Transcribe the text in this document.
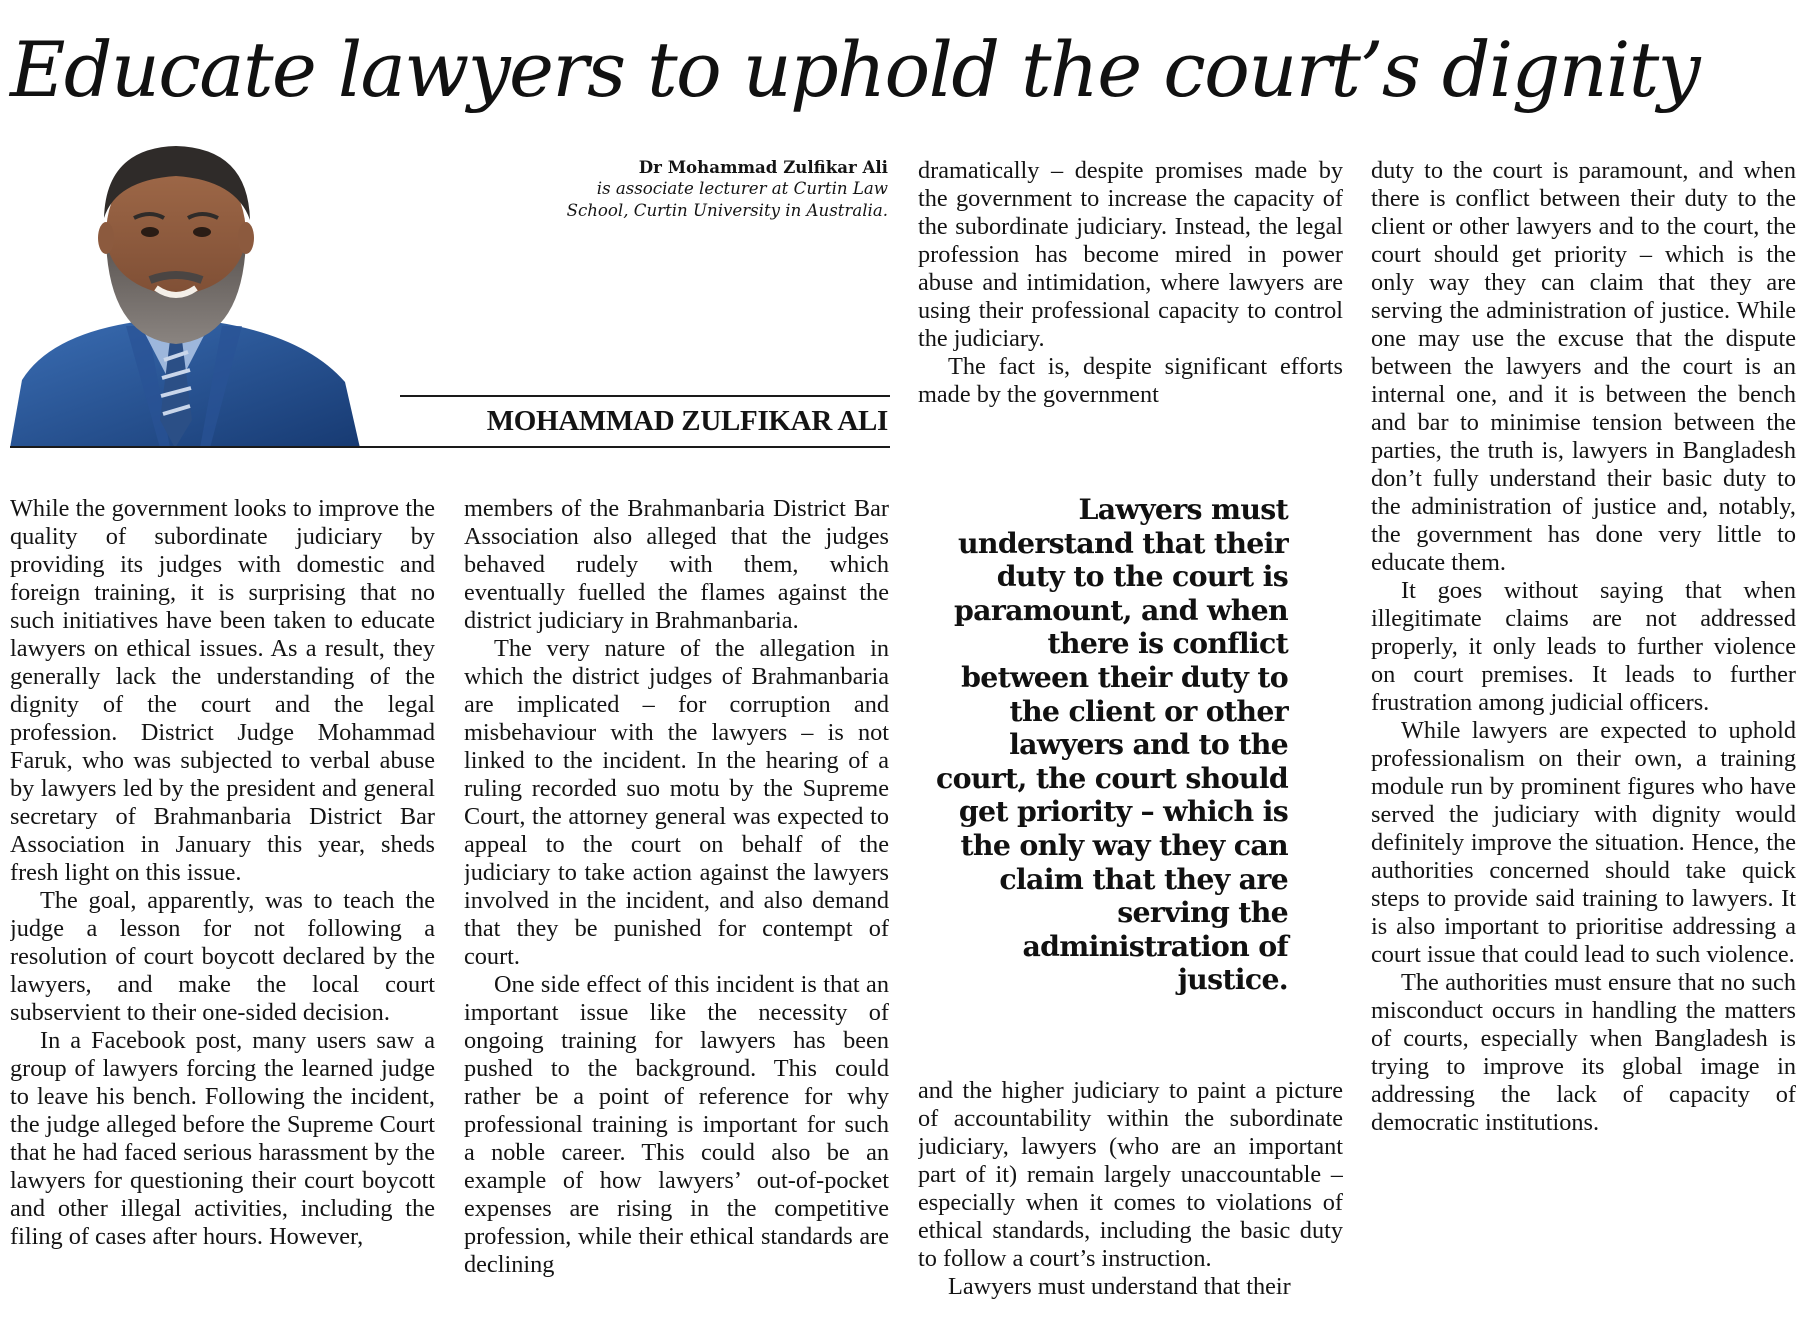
Educate lawyers to uphold the court’s dignity
Dr Mohammad Zulfikar Ali
is associate lecturer at Curtin Law
School, Curtin University in Australia.

MOHAMMAD ZULFIKAR ALI

While the government looks to improve the quality of subordinate judiciary by providing its judges with domestic and foreign training, it is surprising that no such initiatives have been taken to educate lawyers on ethical issues. As a result, they generally lack the understanding of the dignity of the court and the legal profession. District Judge Mohammad Faruk, who was subjected to verbal abuse by lawyers led by the president and general secretary of Brahmanbaria District Bar Association in January this year, sheds fresh light on this issue.

The goal, apparently, was to teach the judge a lesson for not following a resolution of court boycott declared by the lawyers, and make the local court subservient to their one-sided decision.

In a Facebook post, many users saw a group of lawyers forcing the learned judge to leave his bench. Following the incident, the judge alleged before the Supreme Court that he had faced serious harassment by the lawyers for questioning their court boycott and other illegal activities, including the filing of cases after hours. However,

members of the Brahmanbaria District Bar Association also alleged that the judges behaved rudely with them, which eventually fuelled the flames against the district judiciary in Brahmanbaria.

The very nature of the allegation in which the district judges of Brahmanbaria are implicated – for corruption and misbehaviour with the lawyers – is not linked to the incident. In the hearing of a ruling recorded suo motu by the Supreme Court, the attorney general was expected to appeal to the court on behalf of the judiciary to take action against the lawyers involved in the incident, and also demand that they be punished for contempt of court.

One side effect of this incident is that an important issue like the necessity of ongoing training for lawyers has been pushed to the background. This could rather be a point of reference for why professional training is important for such a noble career. This could also be an example of how lawyers’ out-of-pocket expenses are rising in the competitive profession, while their ethical standards are declining

dramatically – despite promises made by the government to increase the capacity of the subordinate judiciary. Instead, the legal profession has become mired in power abuse and intimidation, where lawyers are using their professional capacity to control the judiciary.

The fact is, despite significant efforts made by the government

Lawyers must understand that their duty to the court is paramount, and when there is conflict between their duty to the client or other lawyers and to the court, the court should get priority – which is the only way they can claim that they are serving the administration of justice.

and the higher judiciary to paint a picture of accountability within the subordinate judiciary, lawyers (who are an important part of it) remain largely unaccountable – especially when it comes to violations of ethical standards, including the basic duty to follow a court’s instruction.

Lawyers must understand that their

duty to the court is paramount, and when there is conflict between their duty to the client or other lawyers and to the court, the court should get priority – which is the only way they can claim that they are serving the administration of justice. While one may use the excuse that the dispute between the lawyers and the court is an internal one, and it is between the bench and bar to minimise tension between the parties, the truth is, lawyers in Bangladesh don’t fully understand their basic duty to the administration of justice and, notably, the government has done very little to educate them.

It goes without saying that when illegitimate claims are not addressed properly, it only leads to further violence on court premises. It leads to further frustration among judicial officers.

While lawyers are expected to uphold professionalism on their own, a training module run by prominent figures who have served the judiciary with dignity would definitely improve the situation. Hence, the authorities concerned should take quick steps to provide said training to lawyers. It is also important to prioritise addressing a court issue that could lead to such violence.

The authorities must ensure that no such misconduct occurs in handling the matters of courts, especially when Bangladesh is trying to improve its global image in addressing the lack of capacity of democratic institutions.
